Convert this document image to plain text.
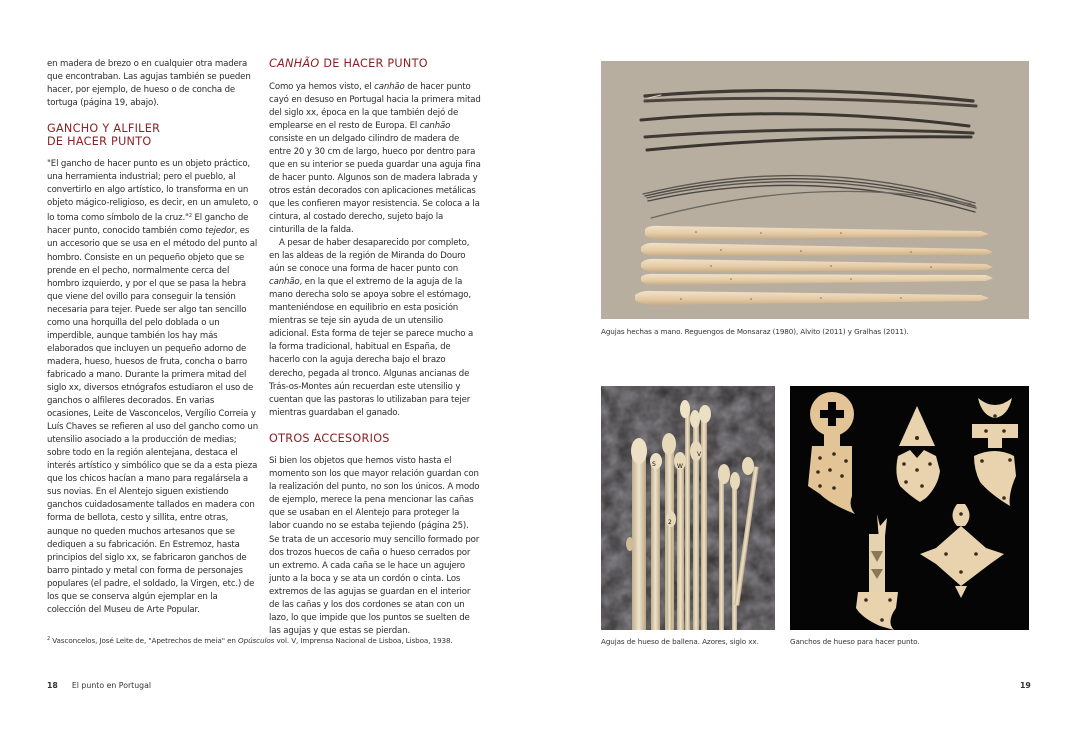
en madera de brezo o en cualquier otra madera que encontraban. Las agujas también se pueden hacer, por ejemplo, de hueso o de concha de tortuga (página 19, abajo).

GANCHO Y ALFILER
DE HACER PUNTO

"El gancho de hacer punto es un objeto práctico, una herramienta industrial; pero el pueblo, al convertirlo en algo artístico, lo transforma en un objeto mágico-religioso, es decir, en un amuleto, o lo toma como símbolo de la cruz."$^2$ El gancho de hacer punto, conocido también como tejedor, es un accesorio que se usa en el método del punto al hombro. Consiste en un pequeño objeto que se prende en el pecho, normalmente cerca del hombro izquierdo, y por el que se pasa la hebra que viene del ovillo para conseguir la tensión necesaria para tejer. Puede ser algo tan sencillo como una horquilla del pelo doblada o un imperdible, aunque también los hay más elaborados que incluyen un pequeño adorno de madera, hueso, huesos de fruta, concha o barro fabricado a mano. Durante la primera mitad del siglo xx, diversos etnógrafos estudiaron el uso de ganchos o alfileres decorados. En varias ocasiones, Leite de Vasconcelos, Vergílio Correia y Luís Chaves se refieren al uso del gancho como un utensilio asociado a la producción de medias; sobre todo en la región alentejana, destaca el interés artístico y simbólico que se da a esta pieza que los chicos hacían a mano para regalársela a sus novias. En el Alentejo siguen existiendo ganchos cuidadosamente tallados en madera con forma de bellota, cesto y sillita, entre otras, aunque no queden muchos artesanos que se dediquen a su fabricación. En Estremoz, hasta principios del siglo xx, se fabricaron ganchos de barro pintado y metal con forma de personajes populares (el padre, el soldado, la Virgen, etc.) de los que se conserva algún ejemplar en la colección del Museu de Arte Popular.

CANHÃO DE HACER PUNTO

Como ya hemos visto, el canhão de hacer punto cayó en desuso en Portugal hacia la primera mitad del siglo xx, época en la que también dejó de emplearse en el resto de Europa. El canhão consiste en un delgado cilindro de madera de entre 20 y 30 cm de largo, hueco por dentro para que en su interior se pueda guardar una aguja fina de hacer punto. Algunos son de madera labrada y otros están decorados con aplicaciones metálicas que les confieren mayor resistencia. Se coloca a la cintura, al costado derecho, sujeto bajo la cinturilla de la falda.

A pesar de haber desaparecido por completo, en las aldeas de la región de Miranda do Douro aún se conoce una forma de hacer punto con canhão, en la que el extremo de la aguja de la mano derecha solo se apoya sobre el estómago, manteniéndose en equilibrio en esta posición mientras se teje sin ayuda de un utensilio adicional. Esta forma de tejer se parece mucho a la forma tradicional, habitual en España, de hacerlo con la aguja derecha bajo el brazo derecho, pegada al tronco. Algunas ancianas de Trás-os-Montes aún recuerdan este utensilio y cuentan que las pastoras lo utilizaban para tejer mientras guardaban el ganado.

OTROS ACCESORIOS

Si bien los objetos que hemos visto hasta el momento son los que mayor relación guardan con la realización del punto, no son los únicos. A modo de ejemplo, merece la pena mencionar las cañas que se usaban en el Alentejo para proteger la labor cuando no se estaba tejiendo (página 25). Se trata de un accesorio muy sencillo formado por dos trozos huecos de caña o hueso cerrados por un extremo. A cada caña se le hace un agujero junto a la boca y se ata un cordón o cinta. Los extremos de las agujas se guardan en el interior de las cañas y los dos cordones se atan con un lazo, lo que impide que los puntos se suelten de las agujas y que estas se pierdan.

$^2$ Vasconcelos, José Leite de, "Apetrechos de meia" en Opúsculos vol. V, Imprensa Nacional de Lisboa, Lisboa, 1938.
18 El punto en Portugal
Agujas hechas a mano. Reguengos de Monsaraz (1980), Alvito (2011) y Gralhas (2011).
S	W
V
2
Agujas de hueso de ballena. Azores, siglo xx.	Ganchos de hueso para hacer punto.
19
